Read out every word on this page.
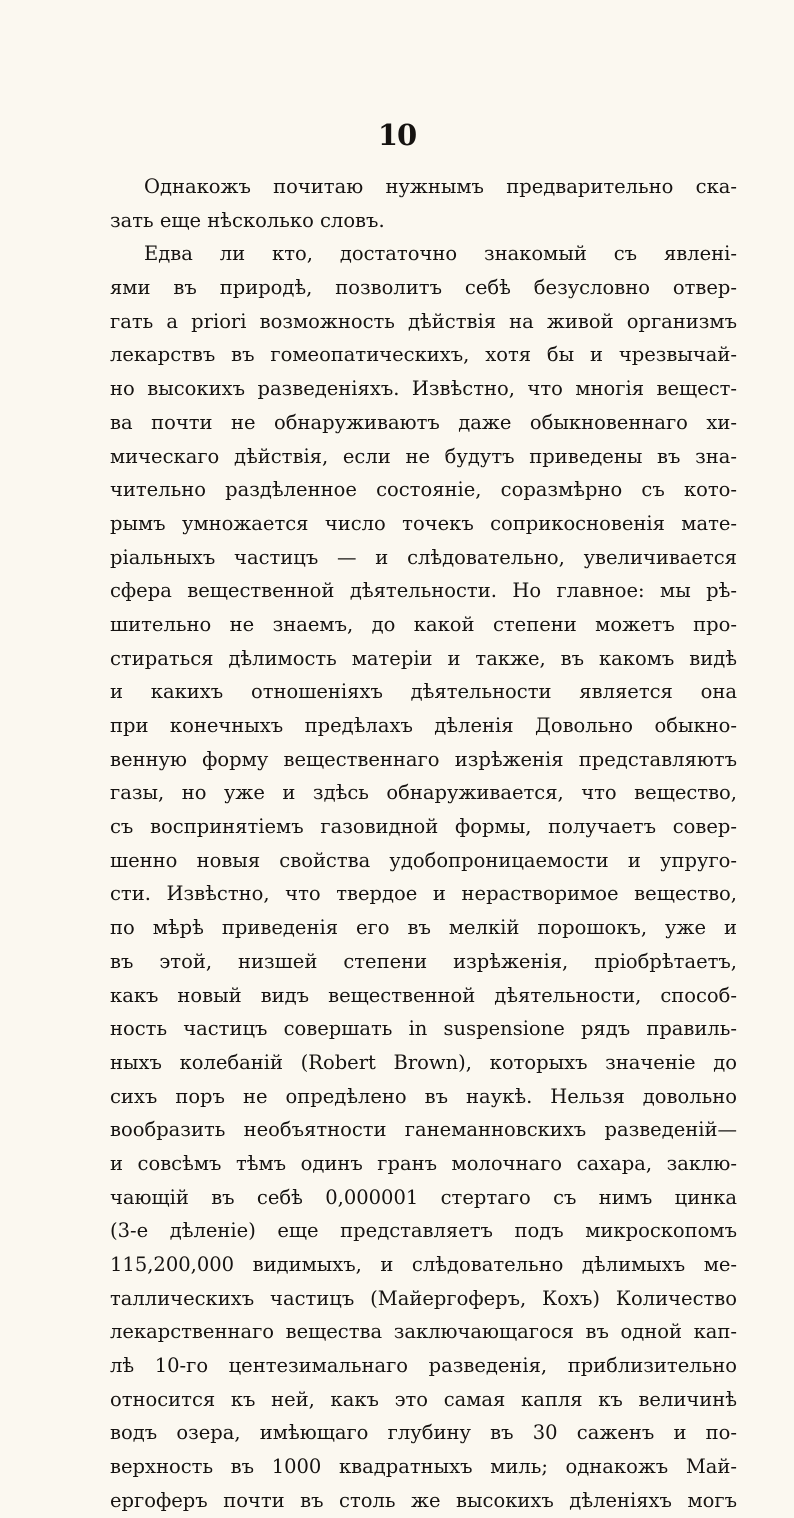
10
Однакожъ почитаю нужнымъ предварительно ска-
зать еще нѣсколько словъ.
Едва ли кто, достаточно знакомый съ явлені-
ями въ природѣ, позволитъ себѣ безусловно отвер-
гать a priori возможность дѣйствія на живой организмъ
лекарствъ въ гомеопатическихъ, хотя бы и чрезвычай-
но высокихъ разведеніяхъ. Извѣстно, что многія вещест-
ва почти не обнаруживаютъ даже обыкновеннаго хи-
мическаго дѣйствія, если не будутъ приведены въ зна-
чительно раздѣленное состояніе, соразмѣрно съ кото-
рымъ умножается число точекъ соприкосновенія мате-
ріальныхъ частицъ — и слѣдовательно, увеличивается
сфера вещественной дѣятельности. Но главное: мы рѣ-
шительно не знаемъ, до какой степени можетъ про-
стираться дѣлимость матеріи и также, въ какомъ видѣ
и какихъ отношеніяхъ дѣятельности является она
при конечныхъ предѣлахъ дѣленія Довольно обыкно-
венную форму вещественнаго изрѣженія представляютъ
газы, но уже и здѣсь обнаруживается, что вещество,
съ воспринятіемъ газовидной формы, получаетъ совер-
шенно новыя свойства удобопроницаемости и упруго-
сти. Извѣстно, что твердое и нерастворимое вещество,
по мѣрѣ приведенія его въ мелкій порошокъ, уже и
въ этой, низшей степени изрѣженія, пріобрѣтаетъ,
какъ новый видъ вещественной дѣятельности, способ-
ность частицъ совершать in suspensione рядъ правиль-
ныхъ колебаній (Robert Brown), которыхъ значеніе до
сихъ поръ не опредѣлено въ наукѣ. Нельзя довольно
вообразить необъятности ганеманновскихъ разведеній—
и совсѣмъ тѣмъ одинъ гранъ молочнаго сахара, заклю-
чающій въ себѣ 0,000001 стертаго съ нимъ цинка
(3-е дѣленіе) еще представляетъ подъ микроскопомъ
115,200,000 видимыхъ, и слѣдовательно дѣлимыхъ ме-
таллическихъ частицъ (Майергоферъ, Кохъ) Количество
лекарственнаго вещества заключающагося въ одной кап-
лѣ 10-го центезимальнаго разведенія, приблизительно
относится къ ней, какъ это самая капля къ величинѣ
водъ озера, имѣющаго глубину въ 30 саженъ и по-
верхность въ 1000 квадратныхъ миль; однакожъ Май-
ергоферъ почти въ столь же высокихъ дѣленіяхъ могъ
